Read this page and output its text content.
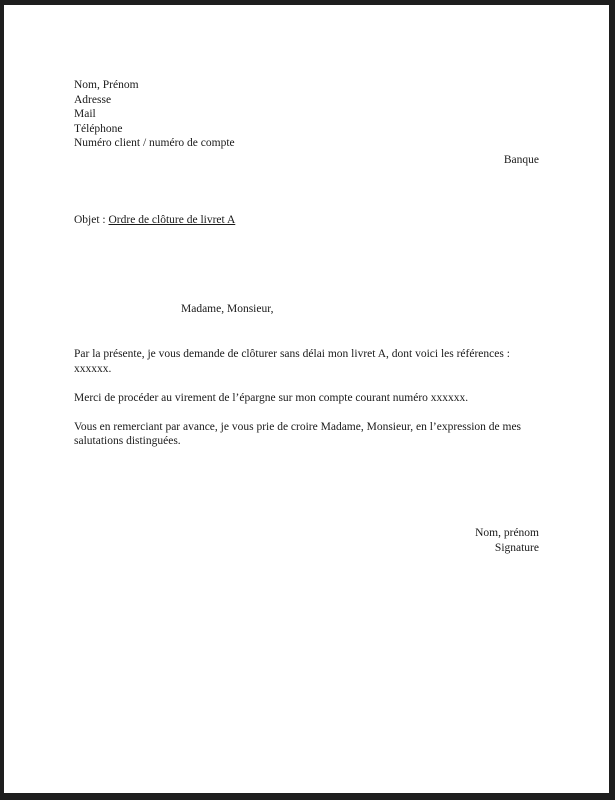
Nom, Prénom
Adresse
Mail
Téléphone
Numéro client / numéro de compte
Banque
Objet : Ordre de clôture de livret A
Madame, Monsieur,

Par la présente, je vous demande de clôturer sans délai mon livret A, dont voici les références : xxxxxx.

Merci de procéder au virement de l’épargne sur mon compte courant numéro xxxxxx.

Vous en remerciant par avance, je vous prie de croire Madame, Monsieur, en l’expression de mes salutations distinguées.

Nom, prénom
Signature
